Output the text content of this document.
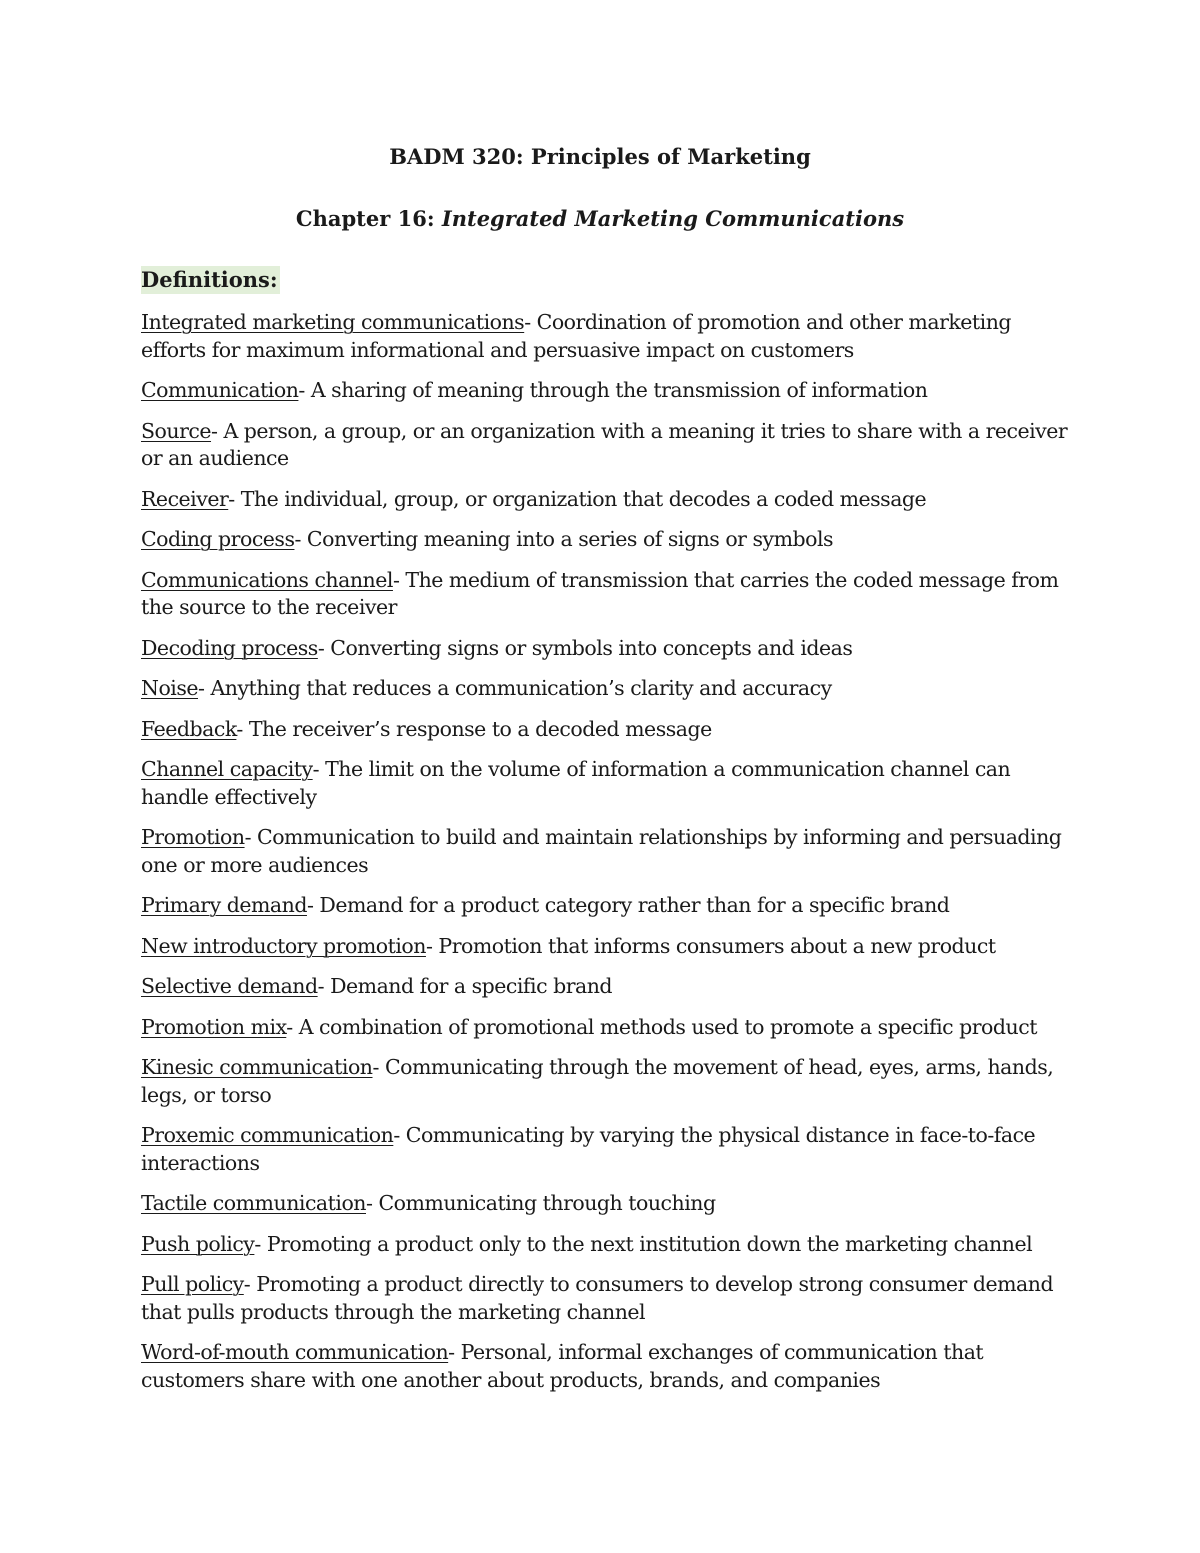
BADM 320: Principles of Marketing
Chapter 16: Integrated Marketing Communications
Definitions:

Integrated marketing communications- Coordination of promotion and other marketing efforts for maximum informational and persuasive impact on customers

Communication- A sharing of meaning through the transmission of information

Source- A person, a group, or an organization with a meaning it tries to share with a receiver or an audience

Receiver- The individual, group, or organization that decodes a coded message

Coding process- Converting meaning into a series of signs or symbols

Communications channel- The medium of transmission that carries the coded message from the source to the receiver

Decoding process- Converting signs or symbols into concepts and ideas

Noise- Anything that reduces a communication’s clarity and accuracy

Feedback- The receiver’s response to a decoded message

Channel capacity- The limit on the volume of information a communication channel can handle effectively

Promotion- Communication to build and maintain relationships by informing and persuading one or more audiences

Primary demand- Demand for a product category rather than for a specific brand

New introductory promotion- Promotion that informs consumers about a new product

Selective demand- Demand for a specific brand

Promotion mix- A combination of promotional methods used to promote a specific product

Kinesic communication- Communicating through the movement of head, eyes, arms, hands, legs, or torso

Proxemic communication- Communicating by varying the physical distance in face-to-face interactions

Tactile communication- Communicating through touching

Push policy- Promoting a product only to the next institution down the marketing channel

Pull policy- Promoting a product directly to consumers to develop strong consumer demand that pulls products through the marketing channel

Word-of-mouth communication- Personal, informal exchanges of communication that customers share with one another about products, brands, and companies
